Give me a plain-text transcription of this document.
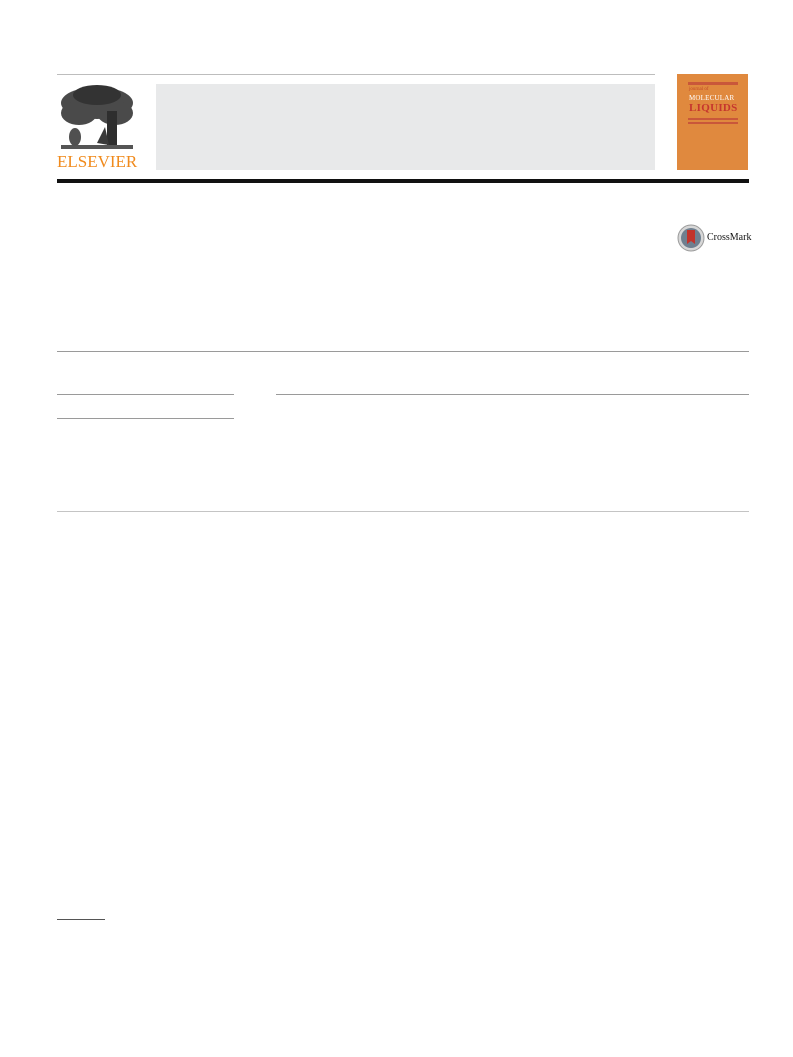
ELSEVIER
journal of
MOLECULAR
LIQUIDS
CrossMark
